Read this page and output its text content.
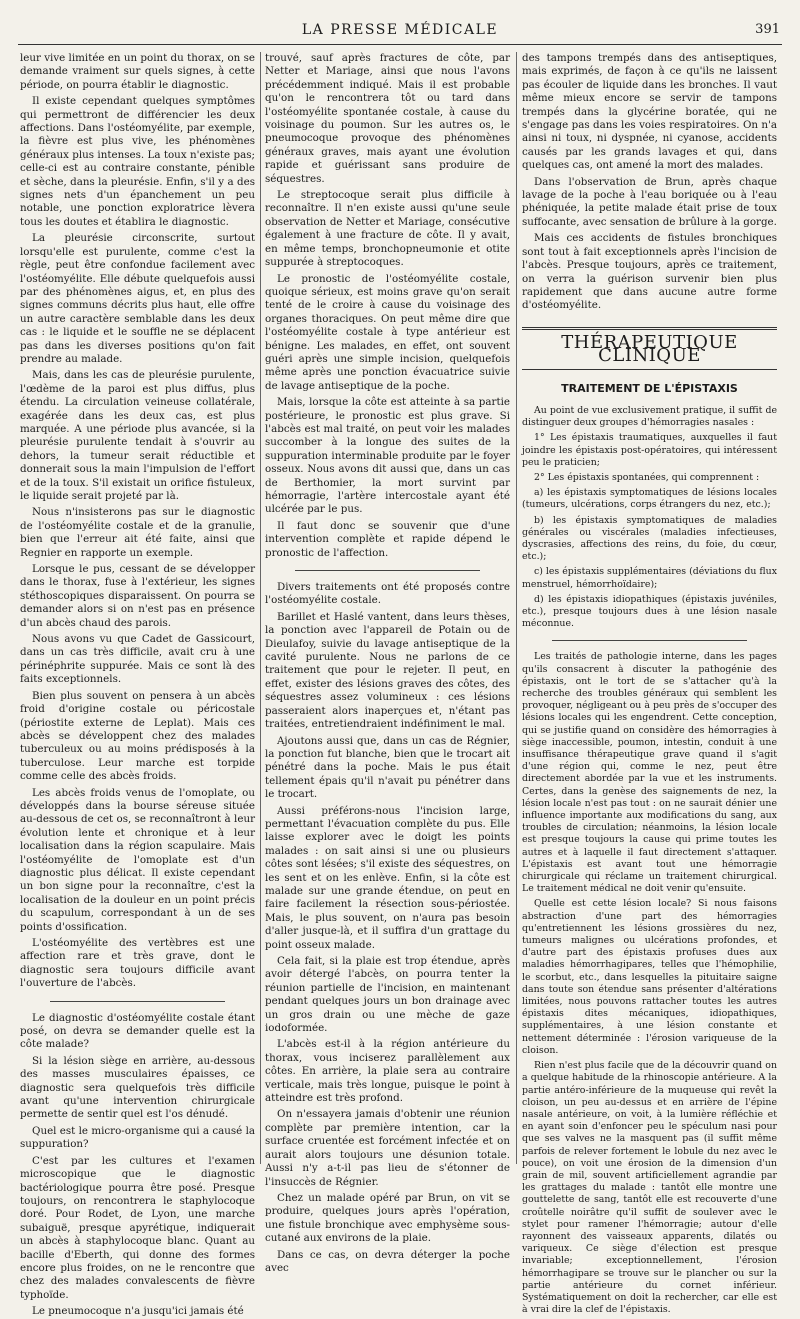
LA PRESSE MÉDICALE	391

leur vive limitée en un point du thorax, on se demande vraiment sur quels signes, à cette période, on pourra établir le diagnostic.

Il existe cependant quelques symptômes qui permettront de différencier les deux affections. Dans l'ostéomyélite, par exemple, la fièvre est plus vive, les phénomènes généraux plus intenses. La toux n'existe pas; celle-ci est au contraire constante, pénible et sèche, dans la pleurésie. Enfin, s'il y a des signes nets d'un épanchement un peu notable, une ponction exploratrice lèvera tous les doutes et établira le diagnostic.

La pleurésie circonscrite, surtout lorsqu'elle est purulente, comme c'est la règle, peut être confondue facilement avec l'ostéomyélite. Elle débute quelquefois aussi par des phénomènes aigus, et, en plus des signes communs décrits plus haut, elle offre un autre caractère semblable dans les deux cas : le liquide et le souffle ne se déplacent pas dans les diverses positions qu'on fait prendre au malade.

Mais, dans les cas de pleurésie purulente, l'œdème de la paroi est plus diffus, plus étendu. La circulation veineuse collatérale, exagérée dans les deux cas, est plus marquée. A une période plus avancée, si la pleurésie purulente tendait à s'ouvrir au dehors, la tumeur serait réductible et donnerait sous la main l'impulsion de l'effort et de la toux. S'il existait un orifice fistuleux, le liquide serait projeté par là.

Nous n'insisterons pas sur le diagnostic de l'ostéomyélite costale et de la granulie, bien que l'erreur ait été faite, ainsi que Regnier en rapporte un exemple.

Lorsque le pus, cessant de se développer dans le thorax, fuse à l'extérieur, les signes stéthoscopiques disparaissent. On pourra se demander alors si on n'est pas en présence d'un abcès chaud des parois.

Nous avons vu que Cadet de Gassicourt, dans un cas très difficile, avait cru à une périnéphrite suppurée. Mais ce sont là des faits exceptionnels.

Bien plus souvent on pensera à un abcès froid d'origine costale ou péricostale (périostite externe de Leplat). Mais ces abcès se développent chez des malades tuberculeux ou au moins prédisposés à la tuberculose. Leur marche est torpide comme celle des abcès froids.

Les abcès froids venus de l'omoplate, ou développés dans la bourse séreuse située au-dessous de cet os, se reconnaîtront à leur évolution lente et chronique et à leur localisation dans la région scapulaire. Mais l'ostéomyélite de l'omoplate est d'un diagnostic plus délicat. Il existe cependant un bon signe pour la reconnaître, c'est la localisation de la douleur en un point précis du scapulum, correspondant à un de ses points d'ossification.

L'ostéomyélite des vertèbres est une affection rare et très grave, dont le diagnostic sera toujours difficile avant l'ouverture de l'abcès.

Le diagnostic d'ostéomyélite costale étant posé, on devra se demander quelle est la côte malade?

Si la lésion siège en arrière, au-dessous des masses musculaires épaisses, ce diagnostic sera quelquefois très difficile avant qu'une intervention chirurgicale permette de sentir quel est l'os dénudé.

Quel est le micro-organisme qui a causé la suppuration?

C'est par les cultures et l'examen microscopique que le diagnostic bactériologique pourra être posé. Presque toujours, on rencontrera le staphylocoque doré. Pour Rodet, de Lyon, une marche subaiguë, presque apyrétique, indiquerait un abcès à staphylocoque blanc. Quant au bacille d'Eberth, qui donne des formes encore plus froides, on ne le rencontre que chez des malades convalescents de fièvre typhoïde.

Le pneumocoque n'a jusqu'ici jamais été

trouvé, sauf après fractures de côte, par Netter et Mariage, ainsi que nous l'avons précédemment indiqué. Mais il est probable qu'on le rencontrera tôt ou tard dans l'ostéomyélite spontanée costale, à cause du voisinage du poumon. Sur les autres os, le pneumocoque provoque des phénomènes généraux graves, mais ayant une évolution rapide et guérissant sans produire de séquestres.

Le streptocoque serait plus difficile à reconnaître. Il n'en existe aussi qu'une seule observation de Netter et Mariage, consécutive également à une fracture de côte. Il y avait, en même temps, bronchopneumonie et otite suppurée à streptocoques.

Le pronostic de l'ostéomyélite costale, quoique sérieux, est moins grave qu'on serait tenté de le croire à cause du voisinage des organes thoraciques. On peut même dire que l'ostéomyélite costale à type antérieur est bénigne. Les malades, en effet, ont souvent guéri après une simple incision, quelquefois même après une ponction évacuatrice suivie de lavage antiseptique de la poche.

Mais, lorsque la côte est atteinte à sa partie postérieure, le pronostic est plus grave. Si l'abcès est mal traité, on peut voir les malades succomber à la longue des suites de la suppuration interminable produite par le foyer osseux. Nous avons dit aussi que, dans un cas de Berthomier, la mort survint par hémorragie, l'artère intercostale ayant été ulcérée par le pus.

Il faut donc se souvenir que d'une intervention complète et rapide dépend le pronostic de l'affection.

Divers traitements ont été proposés contre l'ostéomyélite costale.

Barillet et Haslé vantent, dans leurs thèses, la ponction avec l'appareil de Potain ou de Dieulafoy, suivie du lavage antiseptique de la cavité purulente. Nous ne parlons de ce traitement que pour le rejeter. Il peut, en effet, exister des lésions graves des côtes, des séquestres assez volumineux : ces lésions passeraient alors inaperçues et, n'étant pas traitées, entretiendraient indéfiniment le mal.

Ajoutons aussi que, dans un cas de Régnier, la ponction fut blanche, bien que le trocart ait pénétré dans la poche. Mais le pus était tellement épais qu'il n'avait pu pénétrer dans le trocart.

Aussi préférons-nous l'incision large, permettant l'évacuation complète du pus. Elle laisse explorer avec le doigt les points malades : on sait ainsi si une ou plusieurs côtes sont lésées; s'il existe des séquestres, on les sent et on les enlève. Enfin, si la côte est malade sur une grande étendue, on peut en faire facilement la résection sous-périostée. Mais, le plus souvent, on n'aura pas besoin d'aller jusque-là, et il suffira d'un grattage du point osseux malade.

Cela fait, si la plaie est trop étendue, après avoir détergé l'abcès, on pourra tenter la réunion partielle de l'incision, en maintenant pendant quelques jours un bon drainage avec un gros drain ou une mèche de gaze iodoformée.

L'abcès est-il à la région antérieure du thorax, vous inciserez parallèlement aux côtes. En arrière, la plaie sera au contraire verticale, mais très longue, puisque le point à atteindre est très profond.

On n'essayera jamais d'obtenir une réunion complète par première intention, car la surface cruentée est forcément infectée et on aurait alors toujours une désunion totale. Aussi n'y a-t-il pas lieu de s'étonner de l'insuccès de Régnier.

Chez un malade opéré par Brun, on vit se produire, quelques jours après l'opération, une fistule bronchique avec emphysème sous-cutané aux environs de la plaie.

Dans ce cas, on devra déterger la poche avec

des tampons trempés dans des antiseptiques, mais exprimés, de façon à ce qu'ils ne laissent pas écouler de liquide dans les bronches. Il vaut même mieux encore se servir de tampons trempés dans la glycérine boratée, qui ne s'engage pas dans les voies respiratoires. On n'a ainsi ni toux, ni dyspnée, ni cyanose, accidents causés par les grands lavages et qui, dans quelques cas, ont amené la mort des malades.

Dans l'observation de Brun, après chaque lavage de la poche à l'eau boriquée ou à l'eau phéniquée, la petite malade était prise de toux suffocante, avec sensation de brûlure à la gorge.

Mais ces accidents de fistules bronchiques sont tout à fait exceptionnels après l'incision de l'abcès. Presque toujours, après ce traitement, on verra la guérison survenir bien plus rapidement que dans aucune autre forme d'ostéomyélite.

THÉRAPEUTIQUE CLINIQUE
TRAITEMENT DE L'ÉPISTAXIS

Au point de vue exclusivement pratique, il suffit de distinguer deux groupes d'hémorragies nasales :

1° Les épistaxis traumatiques, auxquelles il faut joindre les épistaxis post-opératoires, qui intéressent peu le praticien;

2° Les épistaxis spontanées, qui comprennent :

a) les épistaxis symptomatiques de lésions locales (tumeurs, ulcérations, corps étrangers du nez, etc.);

b) les épistaxis symptomatiques de maladies générales ou viscérales (maladies infectieuses, dyscrasies, affections des reins, du foie, du cœur, etc.);

c) les épistaxis supplémentaires (déviations du flux menstruel, hémorrhoïdaire);

d) les épistaxis idiopathiques (épistaxis juvéniles, etc.), presque toujours dues à une lésion nasale méconnue.

Les traités de pathologie interne, dans les pages qu'ils consacrent à discuter la pathogénie des épistaxis, ont le tort de se s'attacher qu'à la recherche des troubles généraux qui semblent les provoquer, négligeant ou à peu près de s'occuper des lésions locales qui les engendrent. Cette conception, qui se justifie quand on considère des hémorragies à siège inaccessible, poumon, intestin, conduit à une insuffisance thérapeutique grave quand il s'agit d'une région qui, comme le nez, peut être directement abordée par la vue et les instruments. Certes, dans la genèse des saignements de nez, la lésion locale n'est pas tout : on ne saurait dénier une influence importante aux modifications du sang, aux troubles de circulation; néanmoins, la lésion locale est presque toujours la cause qui prime toutes les autres et à laquelle il faut directement s'attaquer. L'épistaxis est avant tout une hémorragie chirurgicale qui réclame un traitement chirurgical. Le traitement médical ne doit venir qu'ensuite.

Quelle est cette lésion locale? Si nous faisons abstraction d'une part des hémorragies qu'entretiennent les lésions grossières du nez, tumeurs malignes ou ulcérations profondes, et d'autre part des épistaxis profuses dues aux maladies hémorrhagipares, telles que l'hémophilie, le scorbut, etc., dans lesquelles la pituitaire saigne dans toute son étendue sans présenter d'altérations limitées, nous pouvons rattacher toutes les autres épistaxis dites mécaniques, idiopathiques, supplémentaires, à une lésion constante et nettement déterminée : l'érosion variqueuse de la cloison.

Rien n'est plus facile que de la découvrir quand on a quelque habitude de la rhinoscopie antérieure. A la partie antéro-inférieure de la muqueuse qui revêt la cloison, un peu au-dessus et en arrière de l'épine nasale antérieure, on voit, à la lumière réfléchie et en ayant soin d'enfoncer peu le spéculum nasi pour que ses valves ne la masquent pas (il suffit même parfois de relever fortement le lobule du nez avec le pouce), on voit une érosion de la dimension d'un grain de mil, souvent artificiellement agrandie par les grattages du malade : tantôt elle montre une gouttelette de sang, tantôt elle est recouverte d'une croûtelle noirâtre qu'il suffit de soulever avec le stylet pour ramener l'hémorragie; autour d'elle rayonnent des vaisseaux apparents, dilatés ou variqueux. Ce siège d'élection est presque invariable; exceptionnellement, l'érosion hémorrhagipare se trouve sur le plancher ou sur la partie antérieure du cornet inférieur. Systématiquement on doit la rechercher, car elle est à vrai dire la clef de l'épistaxis.
